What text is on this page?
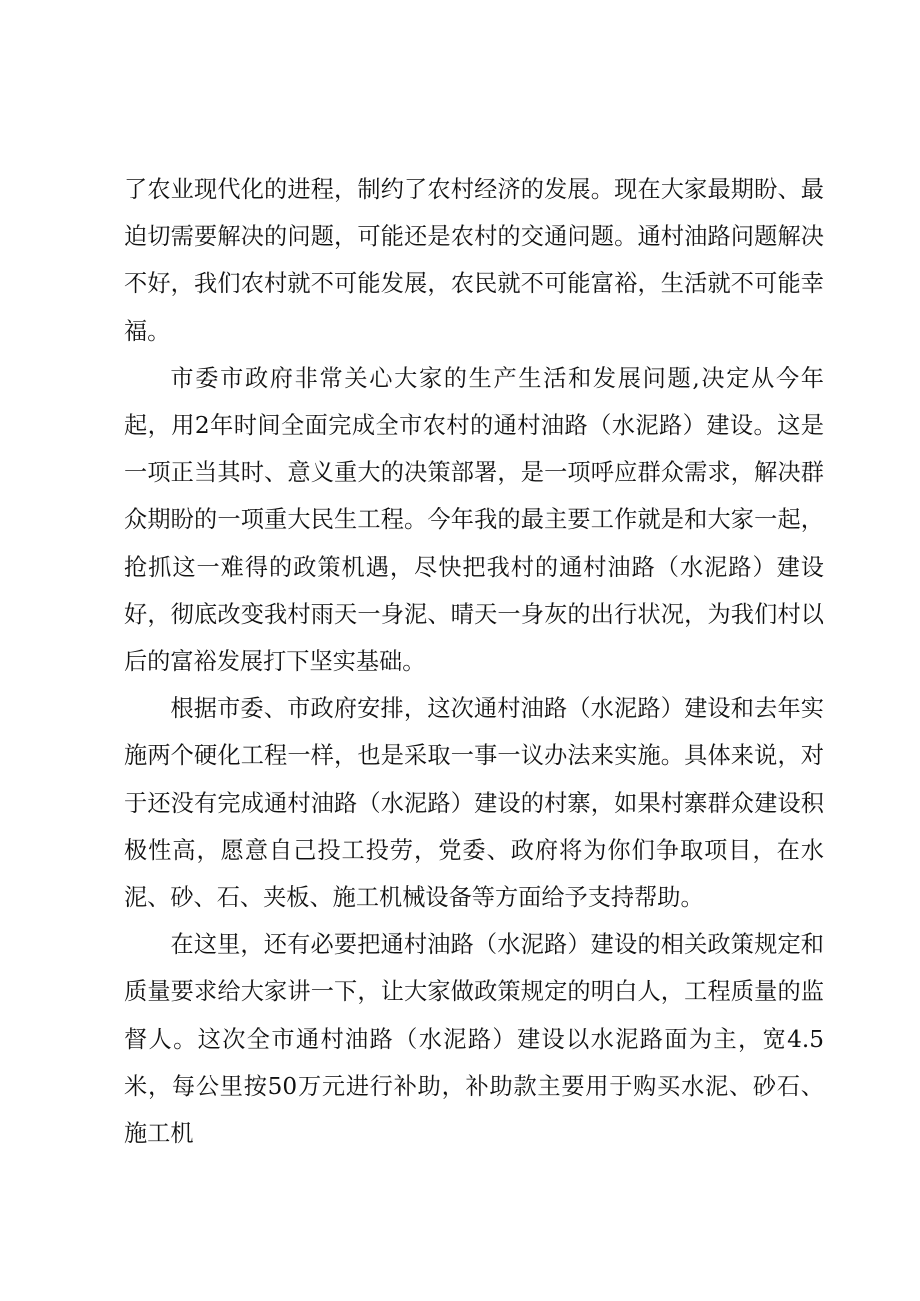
了农业现代化的进程，制约了农村经济的发展。现在大家最期盼、最迫切需要解决的问题，可能还是农村的交通问题。通村油路问题解决不好，我们农村就不可能发展，农民就不可能富裕，生活就不可能幸福。

市委市政府非常关心大家的生产生活和发展问题,决定从今年起，用2年时间全面完成全市农村的通村油路（水泥路）建设。这是一项正当其时、意义重大的决策部署，是一项呼应群众需求，解决群众期盼的一项重大民生工程。今年我的最主要工作就是和大家一起，抢抓这一难得的政策机遇，尽快把我村的通村油路（水泥路）建设好，彻底改变我村雨天一身泥、晴天一身灰的出行状况，为我们村以后的富裕发展打下坚实基础。

根据市委、市政府安排，这次通村油路（水泥路）建设和去年实施两个硬化工程一样，也是采取一事一议办法来实施。具体来说，对于还没有完成通村油路（水泥路）建设的村寨，如果村寨群众建设积极性高，愿意自己投工投劳，党委、政府将为你们争取项目，在水泥、砂、石、夹板、施工机械设备等方面给予支持帮助。

在这里，还有必要把通村油路（水泥路）建设的相关政策规定和质量要求给大家讲一下，让大家做政策规定的明白人，工程质量的监督人。这次全市通村油路（水泥路）建设以水泥路面为主，宽4.5米，每公里按50万元进行补助，补助款主要用于购买水泥、砂石、施工机
